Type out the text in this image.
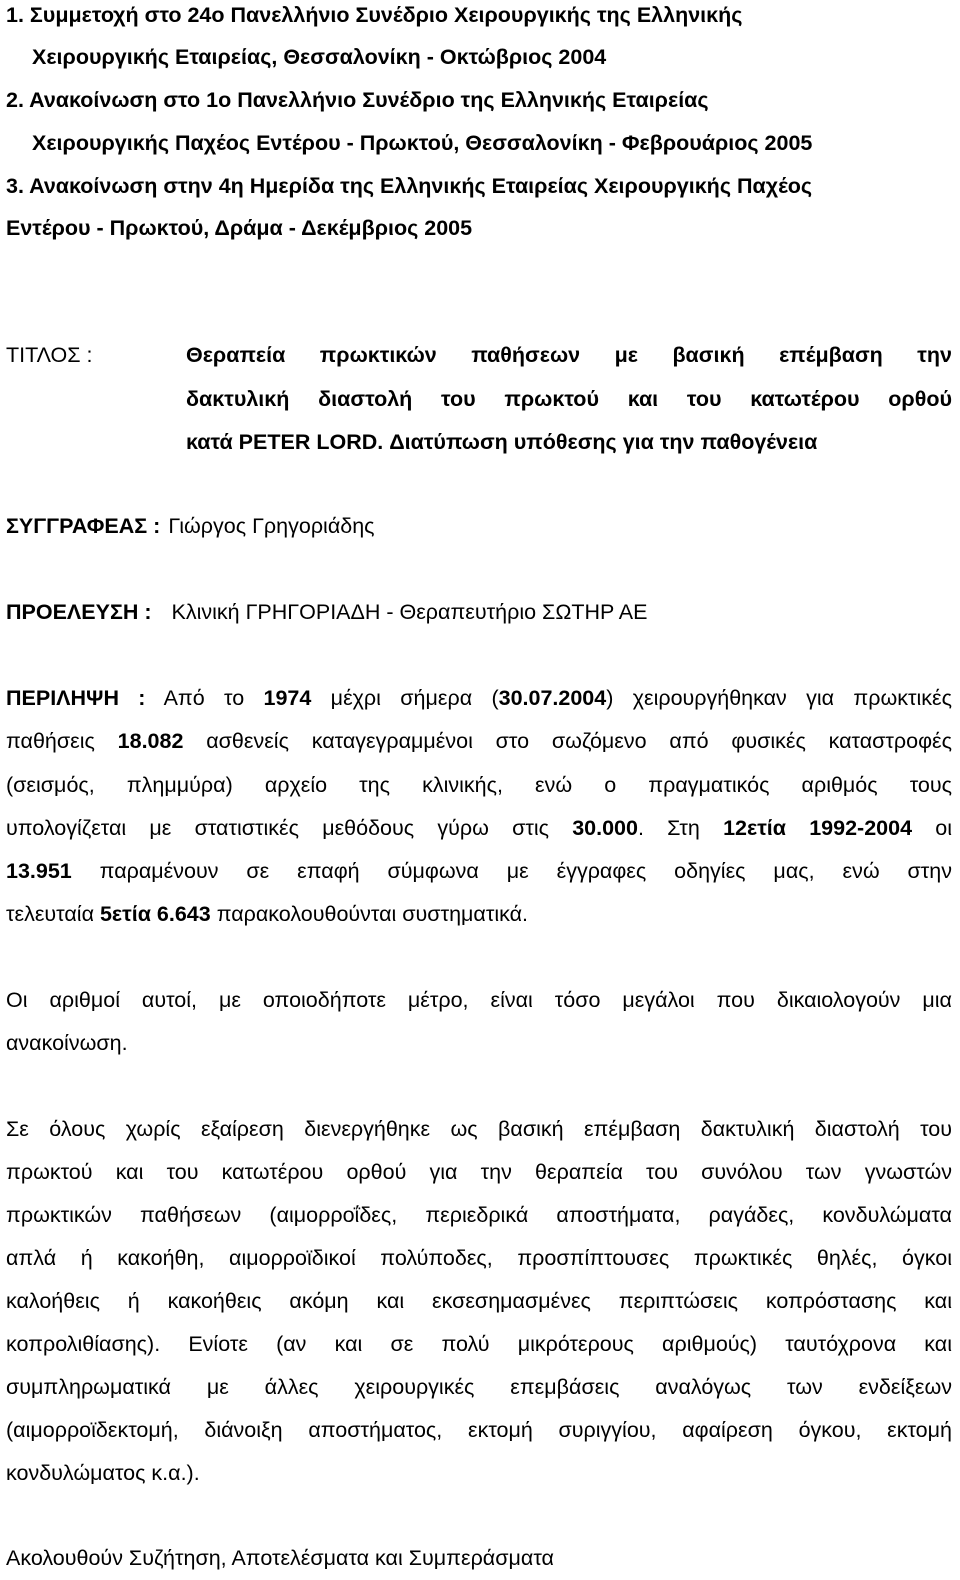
1. Συμμετοχή στο 24ο Πανελλήνιο Συνέδριο Χειρουργικής της Ελληνικής
Χειρουργικής Εταιρείας, Θεσσαλονίκη - Οκτώβριος 2004
2. Ανακοίνωση στο 1ο Πανελλήνιο Συνέδριο της Ελληνικής Εταιρείας
Χειρουργικής Παχέος Εντέρου - Πρωκτού, Θεσσαλονίκη - Φεβρουάριος 2005
3. Ανακοίνωση στην 4η Ημερίδα της Ελληνικής Εταιρείας Χειρουργικής Παχέος
Εντέρου - Πρωκτού, Δράμα - Δεκέμβριος 2005
ΤΙΤΛΟΣ :	Θεραπεία πρωκτικών παθήσεων με βασική επέμβαση την
δακτυλική διαστολή του πρωκτού και του κατωτέρου ορθού
κατά PETER LORD. Διατύπωση υπόθεσης για την παθογένεια
ΣΥΓΓΡΑΦΕΑΣ : Γιώργος Γρηγοριάδης
ΠΡΟΕΛΕΥΣΗ : Κλινική ΓΡΗΓΟΡΙΑΔΗ - Θεραπευτήριο ΣΩΤΗΡ ΑΕ
ΠΕΡΙΛΗΨΗ : Από το 1974 μέχρι σήμερα (30.07.2004) χειρουργήθηκαν για πρωκτικές
παθήσεις 18.082 ασθενείς καταγεγραμμένοι στο σωζόμενο από φυσικές καταστροφές
(σεισμός, πλημμύρα) αρχείο της κλινικής, ενώ ο πραγματικός αριθμός τους
υπολογίζεται με στατιστικές μεθόδους γύρω στις 30.000. Στη 12ετία 1992-2004 οι
13.951 παραμένουν σε επαφή σύμφωνα με έγγραφες οδηγίες μας, ενώ στην
τελευταία 5ετία 6.643 παρακολουθούνται συστηματικά.
Οι αριθμοί αυτοί, με οποιοδήποτε μέτρο, είναι τόσο μεγάλοι που δικαιολογούν μια
ανακοίνωση.
Σε όλους χωρίς εξαίρεση διενεργήθηκε ως βασική επέμβαση δακτυλική διαστολή του
πρωκτού και του κατωτέρου ορθού για την θεραπεία του συνόλου των γνωστών
πρωκτικών παθήσεων (αιμορροΐδες, περιεδρικά αποστήματα, ραγάδες, κονδυλώματα
απλά ή κακοήθη, αιμορροϊδικοί πολύποδες, προσπίπτουσες πρωκτικές θηλές, όγκοι
καλοήθεις ή κακοήθεις ακόμη και εκσεσημασμένες περιπτώσεις κοπρόστασης και
κοπρολιθίασης). Ενίοτε (αν και σε πολύ μικρότερους αριθμούς) ταυτόχρονα και
συμπληρωματικά με άλλες χειρουργικές επεμβάσεις αναλόγως των ενδείξεων
(αιμορροϊδεκτομή, διάνοιξη αποστήματος, εκτομή συριγγίου, αφαίρεση όγκου, εκτομή
κονδυλώματος κ.α.).
Ακολουθούν Συζήτηση, Αποτελέσματα και Συμπεράσματα
